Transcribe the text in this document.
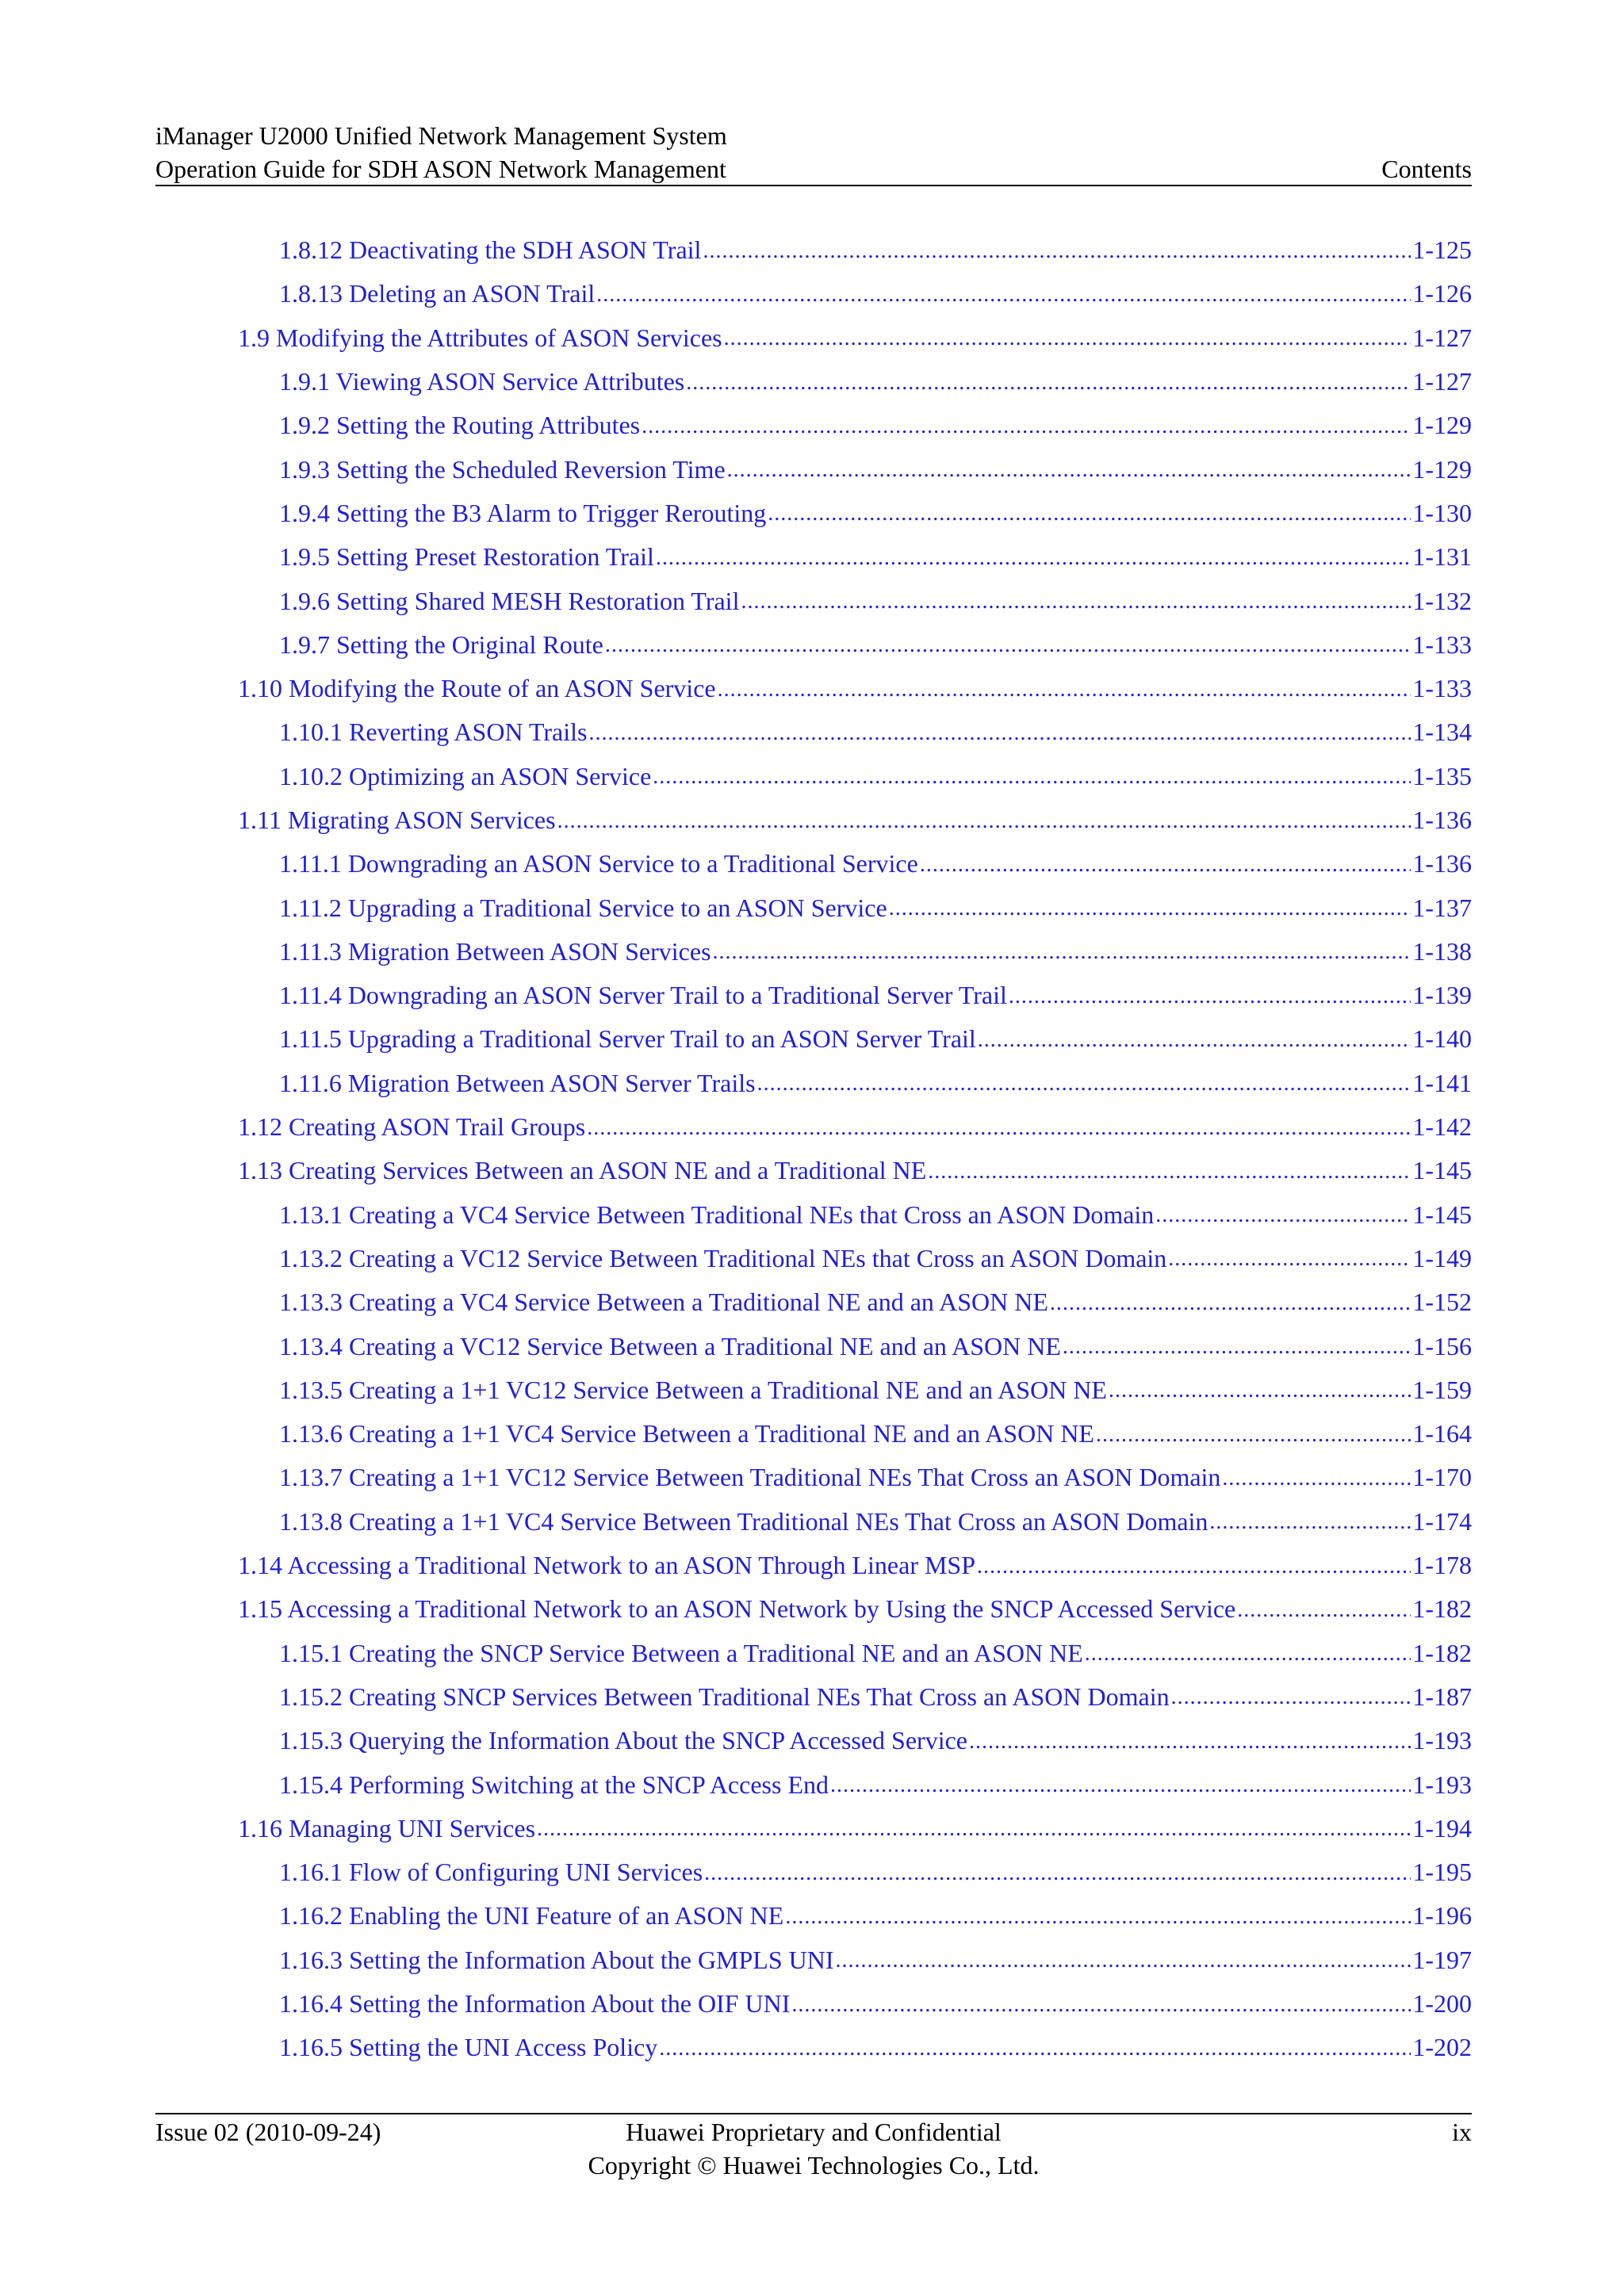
iManager U2000 Unified Network Management System
Operation Guide for SDH ASON Network Management	Contents
1.8.12 Deactivating the SDH ASON Trail .....	1-125
1.8.13 Deleting an ASON Trail .....	1-126
1.9 Modifying the Attributes of ASON Services .....	1-127
1.9.1 Viewing ASON Service Attributes .....	1-127
1.9.2 Setting the Routing Attributes .....	1-129
1.9.3 Setting the Scheduled Reversion Time .....	1-129
1.9.4 Setting the B3 Alarm to Trigger Rerouting .....	1-130
1.9.5 Setting Preset Restoration Trail .....	1-131
1.9.6 Setting Shared MESH Restoration Trail .....	1-132
1.9.7 Setting the Original Route .....	1-133
1.10 Modifying the Route of an ASON Service .....	1-133
1.10.1 Reverting ASON Trails .....	1-134
1.10.2 Optimizing an ASON Service .....	1-135
1.11 Migrating ASON Services .....	1-136
1.11.1 Downgrading an ASON Service to a Traditional Service .....	1-136
1.11.2 Upgrading a Traditional Service to an ASON Service .....	1-137
1.11.3 Migration Between ASON Services .....	1-138
1.11.4 Downgrading an ASON Server Trail to a Traditional Server Trail .....	1-139
1.11.5 Upgrading a Traditional Server Trail to an ASON Server Trail .....	1-140
1.11.6 Migration Between ASON Server Trails .....	1-141
1.12 Creating ASON Trail Groups .....	1-142
1.13 Creating Services Between an ASON NE and a Traditional NE .....	1-145
1.13.1 Creating a VC4 Service Between Traditional NEs that Cross an ASON Domain .....	1-145
1.13.2 Creating a VC12 Service Between Traditional NEs that Cross an ASON Domain .....	1-149
1.13.3 Creating a VC4 Service Between a Traditional NE and an ASON NE .....	1-152
1.13.4 Creating a VC12 Service Between a Traditional NE and an ASON NE .....	1-156
1.13.5 Creating a 1+1 VC12 Service Between a Traditional NE and an ASON NE .....	1-159
1.13.6 Creating a 1+1 VC4 Service Between a Traditional NE and an ASON NE .....	1-164
1.13.7 Creating a 1+1 VC12 Service Between Traditional NEs That Cross an ASON Domain .....	1-170
1.13.8 Creating a 1+1 VC4 Service Between Traditional NEs That Cross an ASON Domain .....	1-174
1.14 Accessing a Traditional Network to an ASON Through Linear MSP .....	1-178
1.15 Accessing a Traditional Network to an ASON Network by Using the SNCP Accessed Service .....	1-182
1.15.1 Creating the SNCP Service Between a Traditional NE and an ASON NE .....	1-182
1.15.2 Creating SNCP Services Between Traditional NEs That Cross an ASON Domain .....	1-187
1.15.3 Querying the Information About the SNCP Accessed Service .....	1-193
1.15.4 Performing Switching at the SNCP Access End .....	1-193
1.16 Managing UNI Services .....	1-194
1.16.1 Flow of Configuring UNI Services .....	1-195
1.16.2 Enabling the UNI Feature of an ASON NE .....	1-196
1.16.3 Setting the Information About the GMPLS UNI .....	1-197
1.16.4 Setting the Information About the OIF UNI .....	1-200
1.16.5 Setting the UNI Access Policy .....	1-202
Issue 02 (2010-09-24)	Huawei Proprietary and Confidential
Copyright © Huawei Technologies Co., Ltd.
ix
